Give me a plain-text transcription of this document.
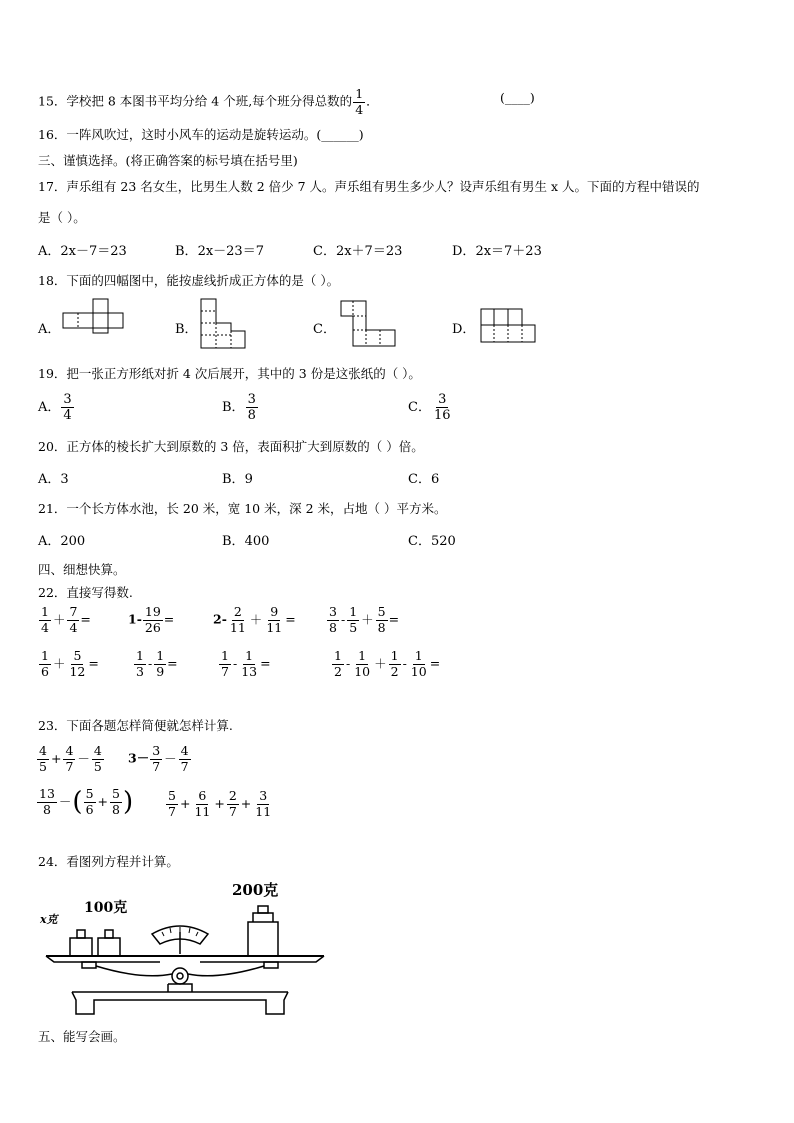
15．学校把 8 本图书平均分给 4 个班,每个班分得总数的 $\frac{1}{4}$ ．	(____)
16．一阵风吹过，这时小风车的运动是旋转运动。(______)
三、谨慎选择。(将正确答案的标号填在括号里)
17．声乐组有 23 名女生，比男生人数 2 倍少 7 人。声乐组有男生多少人？设声乐组有男生 x 人。下面的方程中错误的
是（ ）。
A．2x－7＝23	B．2x－23＝7	C．2x＋7＝23	D．2x＝7＋23
18．下面的四幅图中，能按虚线折成正方体的是（ ）。
A．	B．	C．	D．
19．把一张正方形纸对折 4 次后展开，其中的 3 份是这张纸的（ ）。
A． $\frac{3}{4}$	B． $\frac{3}{8}$	C． $\frac{3}{16}$
20．正方体的棱长扩大到原数的 3 倍，表面积扩大到原数的（ ）倍。
A．3	B．9	C．6
21．一个长方体水池，长 20 米，宽 10 米，深 2 米，占地（ ）平方米。
A．200	B．400	C．520
四、细想快算。
22．直接写得数.
$\frac{1}{4} + \frac{7}{4}$ =	$1- \frac{19}{26}$ =	$2- \frac{2}{11} + \frac{9}{11}$ =	$\frac{3}{8} - \frac{1}{5} + \frac{5}{8}$ =
$\frac{1}{6} + \frac{5}{12}$ =	$\frac{1}{3} - \frac{1}{9}$ =	$\frac{1}{7} - \frac{1}{13}$ =	$\frac{1}{2} - \frac{1}{10} + \frac{1}{2} - \frac{1}{10}$ =
23．下面各题怎样简便就怎样计算.
$\frac{4}{5} + \frac{4}{7} - \frac{4}{5} 3- \frac{3}{7} - \frac{4}{7}$
$\frac{13}{8}$ －( $\frac{5}{6} + \frac{5}{8}$ )	$\frac{5}{7} + \frac{6}{11} + \frac{2}{7} + \frac{3}{11}$
24．看图列方程并计算。
x克
100克
200克
五、能写会画。
